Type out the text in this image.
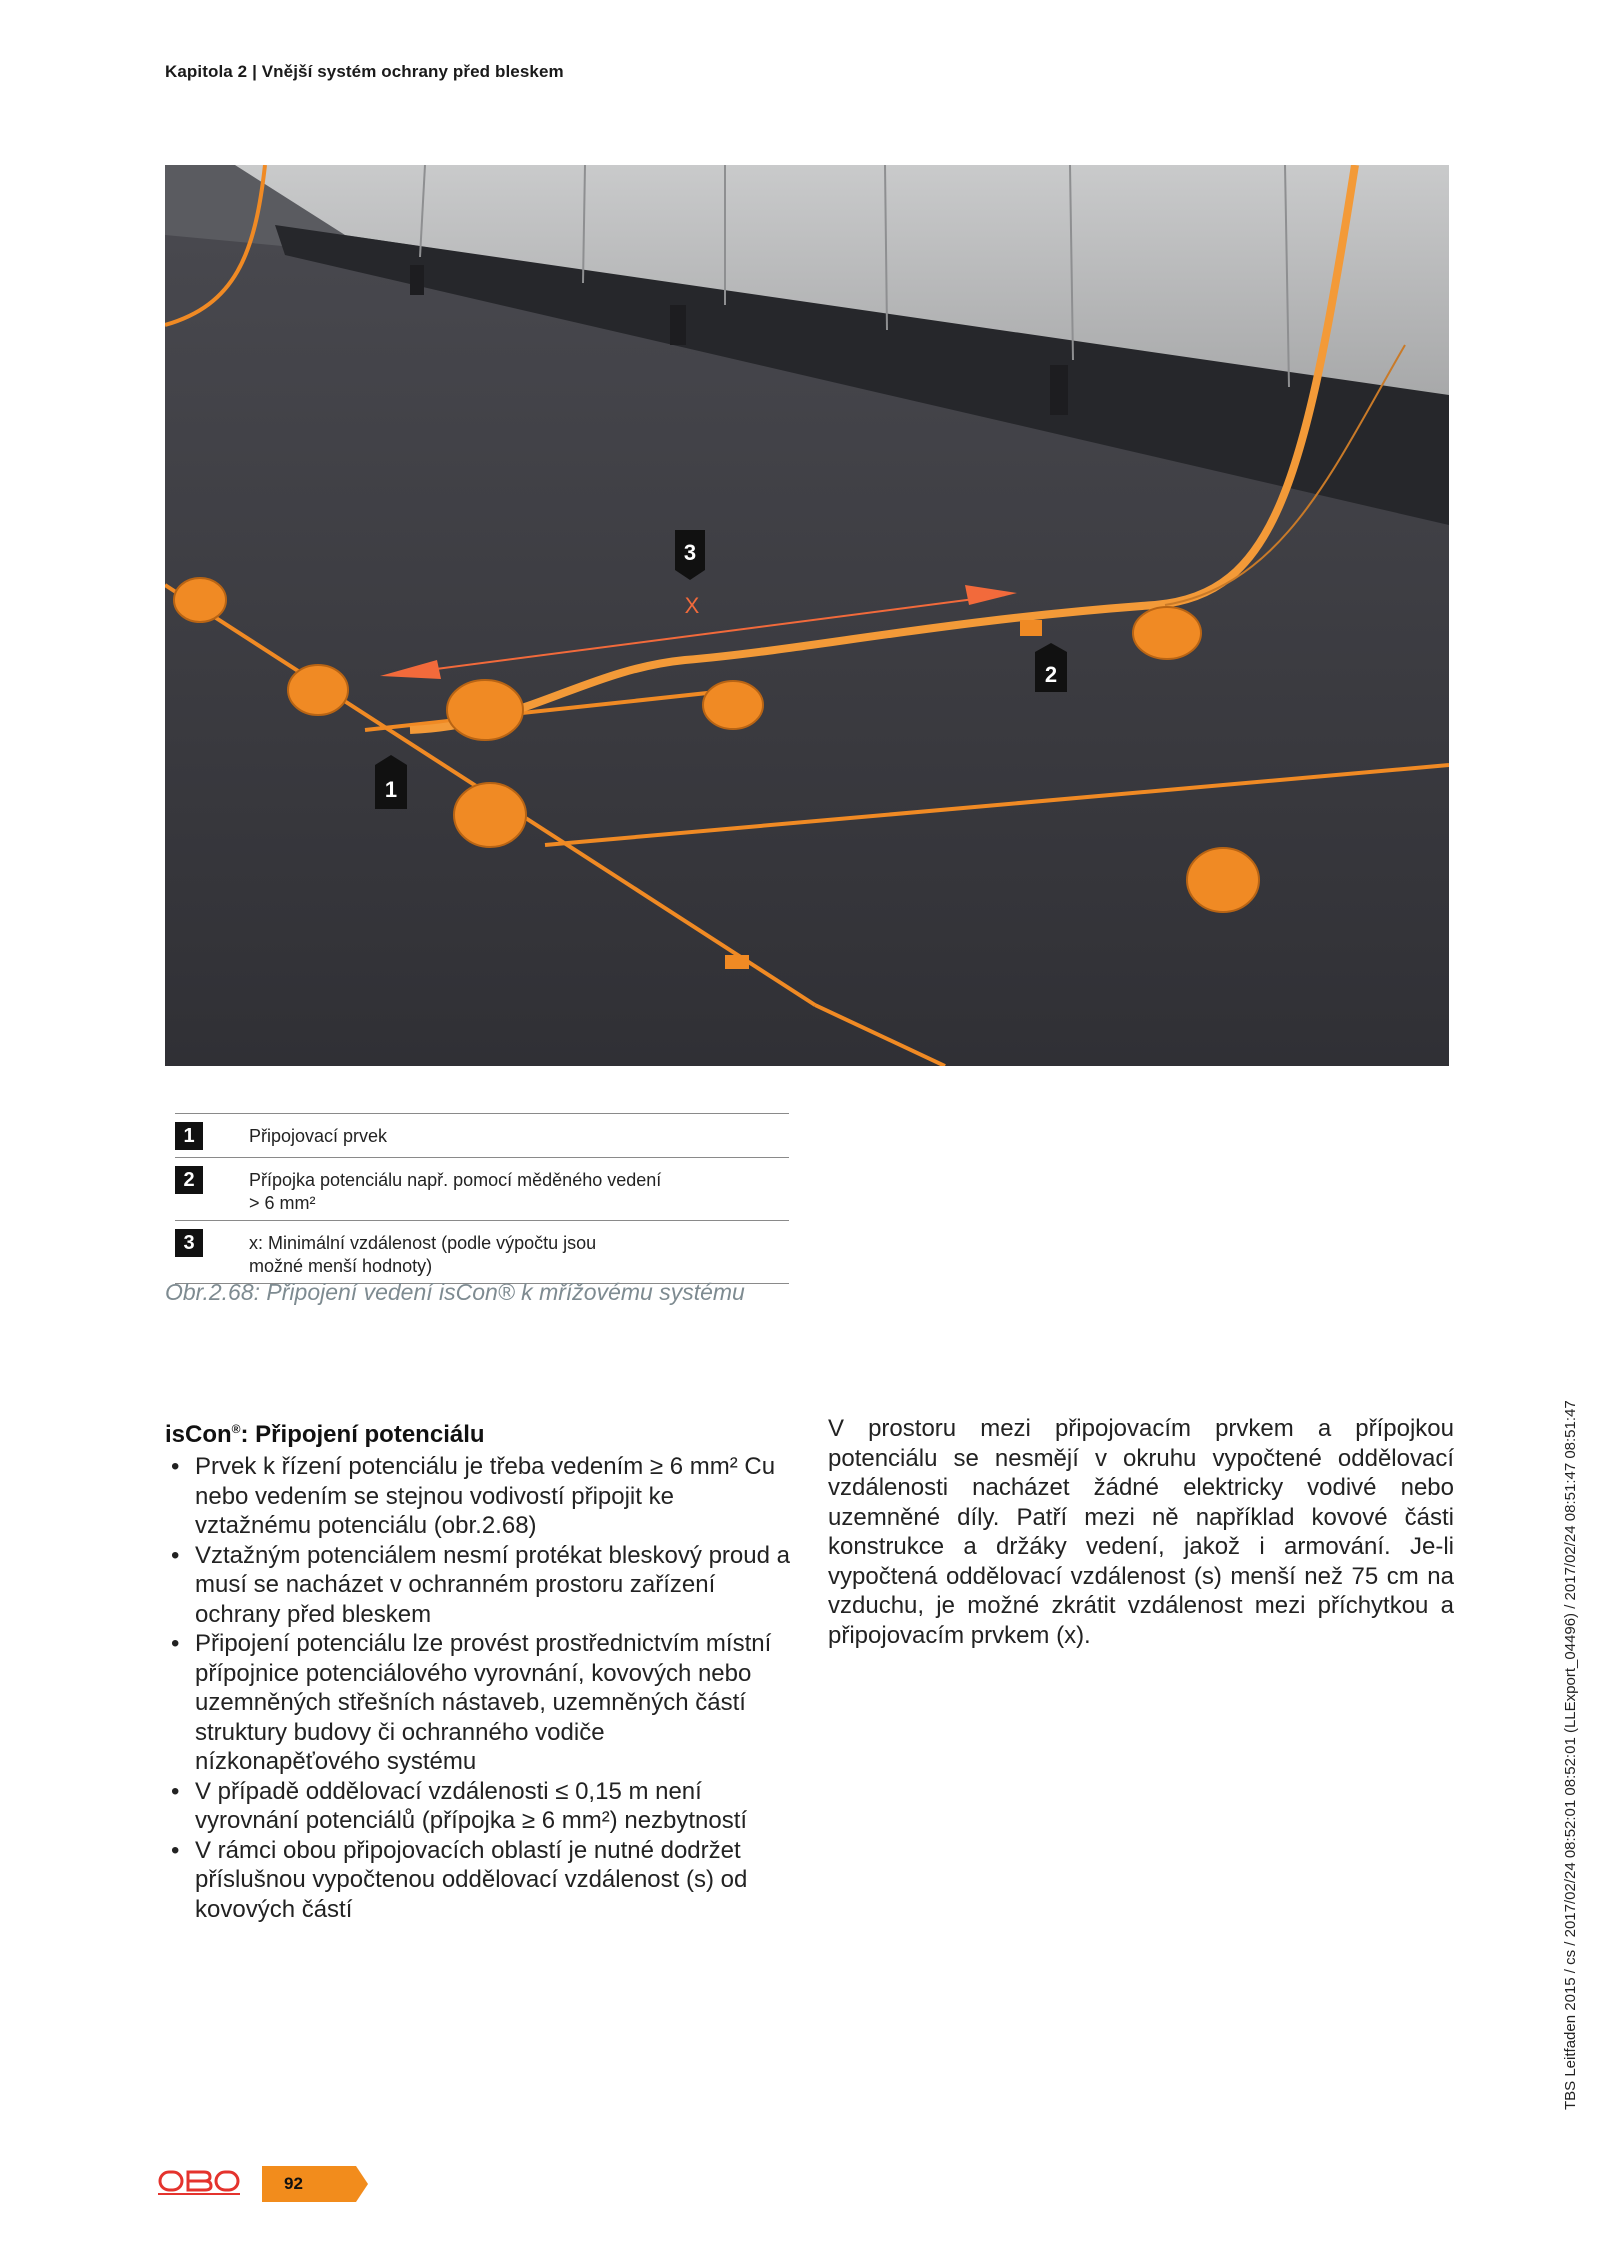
Kapitola 2 | Vnější systém ochrany před bleskem
3
X
2
1
1	Připojovací prvek
2	Přípojka potenciálu např. pomocí měděného vedení
> 6 mm²
3	x: Minimální vzdálenost (podle výpočtu jsou
možné menší hodnoty)
Obr.2.68: Připojení vedení isCon® k mřížovému systému
isCon®: Připojení potenciálu
• Prvek k řízení potenciálu je třeba vedením ≥ 6 mm² Cu nebo vedením se stejnou vodivostí připojit ke vztažnému potenciálu (obr.2.68)
• Vztažným potenciálem nesmí protékat bleskový proud a musí se nacházet v ochranném prostoru zařízení ochrany před bleskem
• Připojení potenciálu lze provést prostřednictvím místní přípojnice potenciálového vyrovnání, kovových nebo uzemněných střešních nástaveb, uzemněných částí struktury budovy či ochranného vodiče nízkonapěťového systému
• V případě oddělovací vzdálenosti ≤ 0,15 m není vyrovnání potenciálů (přípojka ≥ 6 mm²) nezbytností
• V rámci obou připojovacích oblastí je nutné dodržet příslušnou vypočtenou oddělovací vzdálenost (s) od kovových částí
V prostoru mezi připojovacím prvkem a přípojkou potenciálu se nesmějí v okruhu vypočtené oddělovací vzdálenosti nacházet žádné elektricky vodivé nebo uzemněné díly. Patří mezi ně například kovové části konstrukce a držáky vedení, jakož i armování. Je-li vypočtená oddělovací vzdálenost (s) menší než 75 cm na vzduchu, je možné zkrátit vzdálenost mezi příchytkou a připojovacím prvkem (x).	TBS Leitfaden 2015 / cs / 2017/02/24 08:52:01 08:52:01 (LLExport_04496) / 2017/02/24 08:51:47 08:51:47
92
